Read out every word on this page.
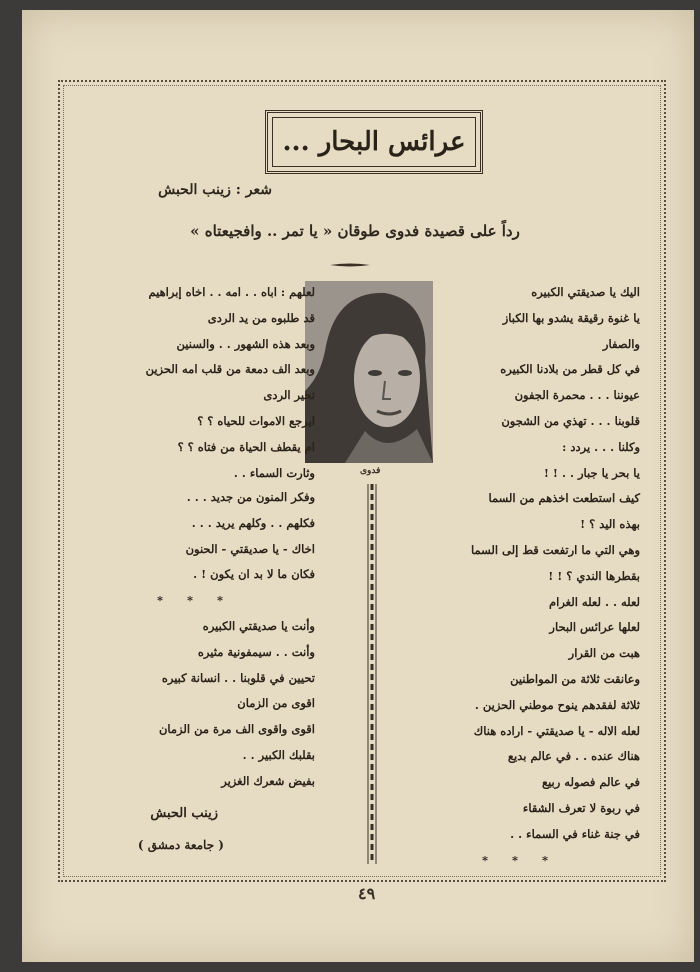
عرائس البحار ...
شعر : زينب الحبش
رداً على قصيدة فدوى طوقان « يا تمر .. وافجيعتاه »
اليك يا صديقتي الكبيره
يا غنوة رقيقة يشدو بها الكباز
والصفار
في كل قطر من بلادنا الكبيره
عيوننا . . . محمرة الجفون
قلوبنا . . . تهذي من الشجون
وكلنا . . . يردد :
يا بحر يا جبار . . ! !
كيف استطعت اخذهم من السما
بهذه اليد ؟ !
وهي التي ما ارتفعت قط إلى السما
بقطرها الندي ؟ ! !
لعله . . لعله الغرام
لعلها عرائس البحار
هبت من القرار
وعانقت ثلاثة من المواطنين
ثلاثة لفقدهم ينوح موطني الحزين .
لعله الاله - يا صديقتي - اراده هناك
هناك عنده . . في عالم بديع
في عالم فصوله ربيع
في ربوة لا تعرف الشقاء
في جنة غناء في السماء . .
* * *
فدوى
لعلهم : اباه . . امه . . اخاه إبراهيم
قد طلبوه من يد الردى
وبعد هذه الشهور . . والسنين
وبعد الف دمعة من قلب امه الحزين
تحير الردى
ايرجع الاموات للحياه ؟ ؟
ام يقطف الحياة من فتاه ؟ ؟
وثارت السماء . .
وفكر المنون من جديد . . .
فكلهم . . وكلهم يريد . . .
اخاك - يا صديقتي - الحنون
فكان ما لا بد ان يكون ! .
* * *
وأنت يا صديقتي الكبيره
وأنت . . سيمفونية مثيره
تحيين في قلوبنا . . انسانة كبيره
اقوى من الزمان
اقوى واقوى الف مرة من الزمان
بقلبك الكبير . .
بفيض شعرك الغزير
زينب الحبش
( جامعة دمشق )
٤٩
